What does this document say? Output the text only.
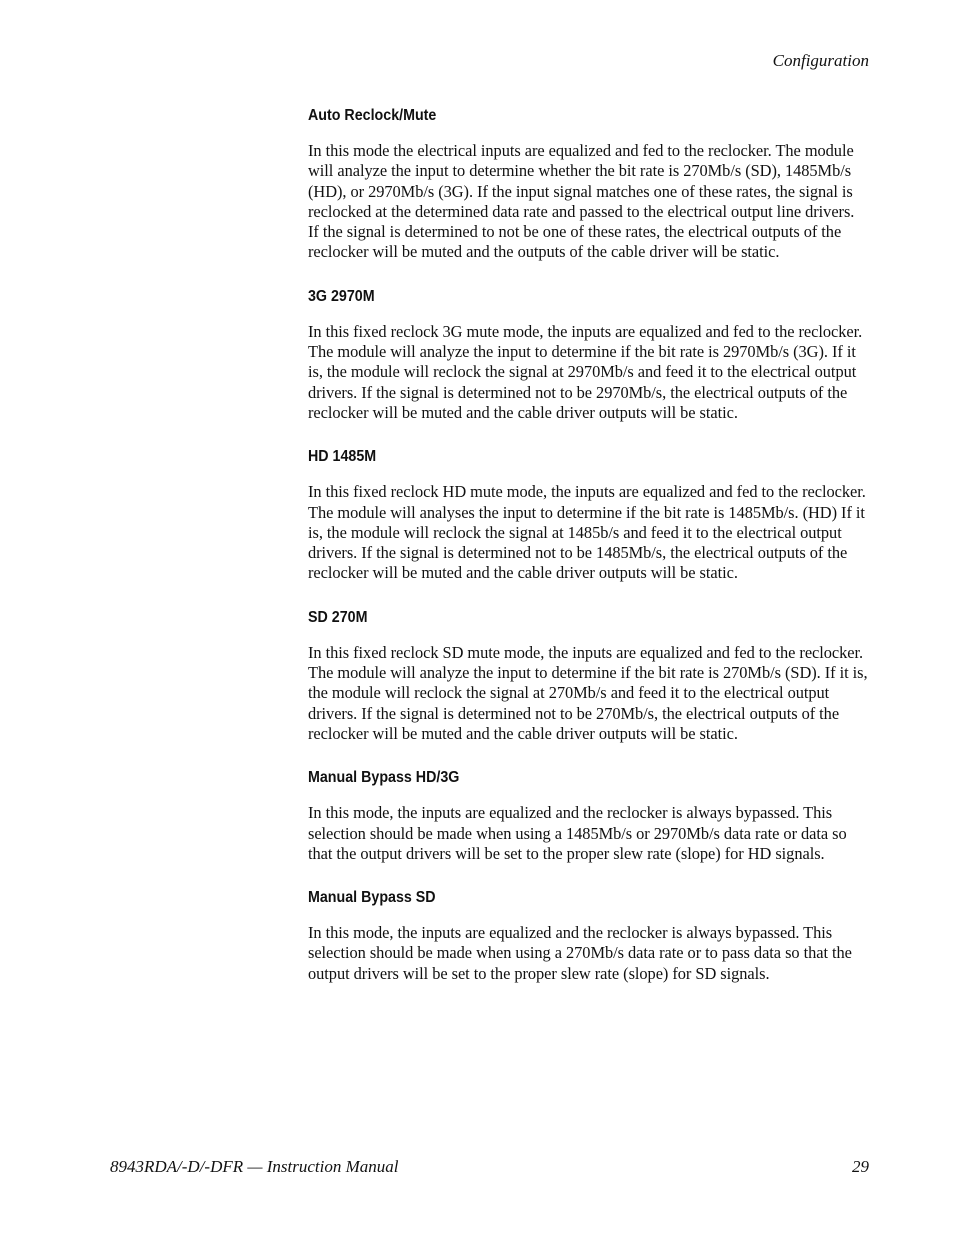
Configuration
Auto Reclock/Mute

In this mode the electrical inputs are equalized and fed to the reclocker. The module will analyze the input to determine whether the bit rate is 270Mb/s (SD), 1485Mb/s (HD), or 2970Mb/s (3G). If the input signal matches one of these rates, the signal is reclocked at the determined data rate and passed to the electrical output line drivers. If the signal is determined to not be one of these rates, the electrical outputs of the reclocker will be muted and the outputs of the cable driver will be static.

3G 2970M

In this fixed reclock 3G mute mode, the inputs are equalized and fed to the reclocker. The module will analyze the input to determine if the bit rate is 2970Mb/s (3G). If it is, the module will reclock the signal at 2970Mb/s and feed it to the electrical output drivers. If the signal is determined not to be 2970Mb/s, the electrical outputs of the reclocker will be muted and the cable driver outputs will be static.

HD 1485M

In this fixed reclock HD mute mode, the inputs are equalized and fed to the reclocker. The module will analyses the input to determine if the bit rate is 1485Mb/s. (HD) If it is, the module will reclock the signal at 1485b/s and feed it to the electrical output drivers. If the signal is determined not to be 1485Mb/s, the electrical outputs of the reclocker will be muted and the cable driver outputs will be static.

SD 270M

In this fixed reclock SD mute mode, the inputs are equalized and fed to the reclocker. The module will analyze the input to determine if the bit rate is 270Mb/s (SD). If it is, the module will reclock the signal at 270Mb/s and feed it to the electrical output drivers. If the signal is determined not to be 270Mb/s, the electrical outputs of the reclocker will be muted and the cable driver outputs will be static.

Manual Bypass HD/3G

In this mode, the inputs are equalized and the reclocker is always bypassed. This selection should be made when using a 1485Mb/s or 2970Mb/s data rate or data so that the output drivers will be set to the proper slew rate (slope) for HD signals.

Manual Bypass SD

In this mode, the inputs are equalized and the reclocker is always bypassed. This selection should be made when using a 270Mb/s data rate or to pass data so that the output drivers will be set to the proper slew rate (slope) for SD signals.

8943RDA/-D/-DFR — Instruction Manual	29
